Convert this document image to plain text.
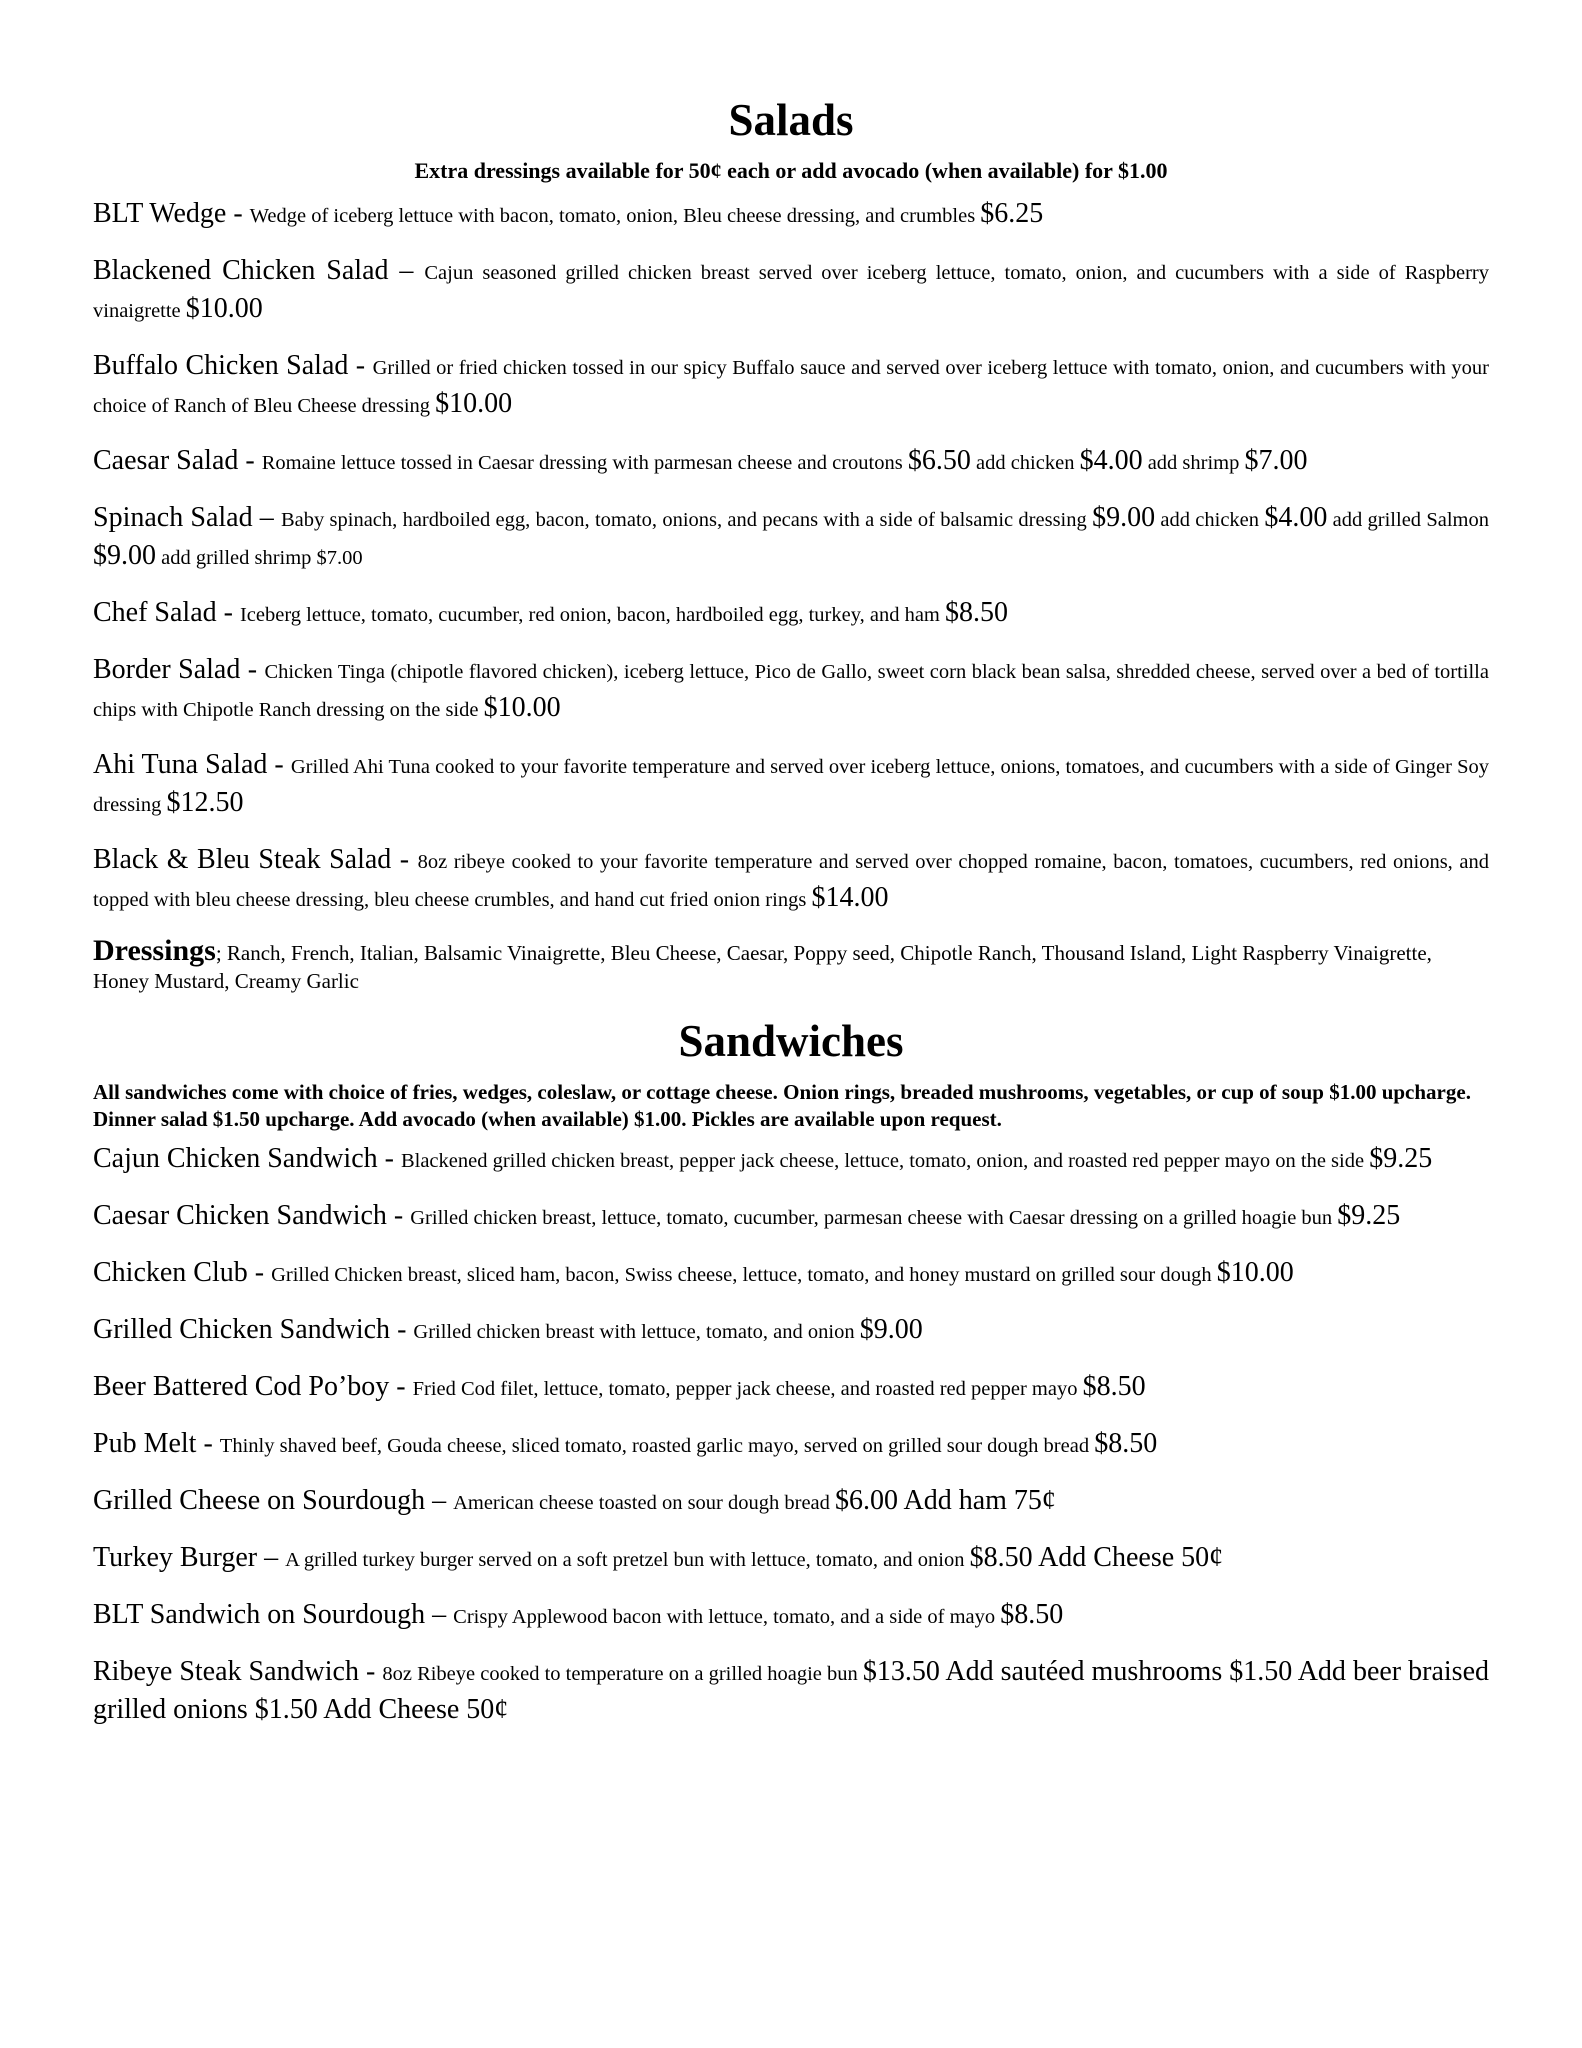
Salads
Extra dressings available for 50¢ each or add avocado (when available) for $1.00

BLT Wedge - Wedge of iceberg lettuce with bacon, tomato, onion, Bleu cheese dressing, and crumbles $6.25

Blackened Chicken Salad – Cajun seasoned grilled chicken breast served over iceberg lettuce, tomato, onion, and cucumbers with a side of Raspberry vinaigrette $10.00

Buffalo Chicken Salad - Grilled or fried chicken tossed in our spicy Buffalo sauce and served over iceberg lettuce with tomato, onion, and cucumbers with your choice of Ranch of Bleu Cheese dressing $10.00

Caesar Salad - Romaine lettuce tossed in Caesar dressing with parmesan cheese and croutons $6.50 add chicken $4.00 add shrimp $7.00

Spinach Salad – Baby spinach, hardboiled egg, bacon, tomato, onions, and pecans with a side of balsamic dressing $9.00 add chicken $4.00 add grilled Salmon $9.00 add grilled shrimp $7.00

Chef Salad - Iceberg lettuce, tomato, cucumber, red onion, bacon, hardboiled egg, turkey, and ham $8.50

Border Salad - Chicken Tinga (chipotle flavored chicken), iceberg lettuce, Pico de Gallo, sweet corn black bean salsa, shredded cheese, served over a bed of tortilla chips with Chipotle Ranch dressing on the side $10.00

Ahi Tuna Salad - Grilled Ahi Tuna cooked to your favorite temperature and served over iceberg lettuce, onions, tomatoes, and cucumbers with a side of Ginger Soy dressing $12.50

Black & Bleu Steak Salad - 8oz ribeye cooked to your favorite temperature and served over chopped romaine, bacon, tomatoes, cucumbers, red onions, and topped with bleu cheese dressing, bleu cheese crumbles, and hand cut fried onion rings $14.00

Dressings; Ranch, French, Italian, Balsamic Vinaigrette, Bleu Cheese, Caesar, Poppy seed, Chipotle Ranch, Thousand Island, Light Raspberry Vinaigrette, Honey Mustard, Creamy Garlic

Sandwiches
All sandwiches come with choice of fries, wedges, coleslaw, or cottage cheese. Onion rings, breaded mushrooms, vegetables, or cup of soup $1.00 upcharge. Dinner salad $1.50 upcharge. Add avocado (when available) $1.00. Pickles are available upon request.

Cajun Chicken Sandwich - Blackened grilled chicken breast, pepper jack cheese, lettuce, tomato, onion, and roasted red pepper mayo on the side $9.25

Caesar Chicken Sandwich - Grilled chicken breast, lettuce, tomato, cucumber, parmesan cheese with Caesar dressing on a grilled hoagie bun $9.25

Chicken Club - Grilled Chicken breast, sliced ham, bacon, Swiss cheese, lettuce, tomato, and honey mustard on grilled sour dough $10.00

Grilled Chicken Sandwich - Grilled chicken breast with lettuce, tomato, and onion $9.00

Beer Battered Cod Po’boy - Fried Cod filet, lettuce, tomato, pepper jack cheese, and roasted red pepper mayo $8.50

Pub Melt - Thinly shaved beef, Gouda cheese, sliced tomato, roasted garlic mayo, served on grilled sour dough bread $8.50

Grilled Cheese on Sourdough – American cheese toasted on sour dough bread $6.00 Add ham 75¢

Turkey Burger – A grilled turkey burger served on a soft pretzel bun with lettuce, tomato, and onion $8.50 Add Cheese 50¢

BLT Sandwich on Sourdough – Crispy Applewood bacon with lettuce, tomato, and a side of mayo $8.50

Ribeye Steak Sandwich - 8oz Ribeye cooked to temperature on a grilled hoagie bun $13.50 Add sautéed mushrooms $1.50 Add beer braised grilled onions $1.50 Add Cheese 50¢
